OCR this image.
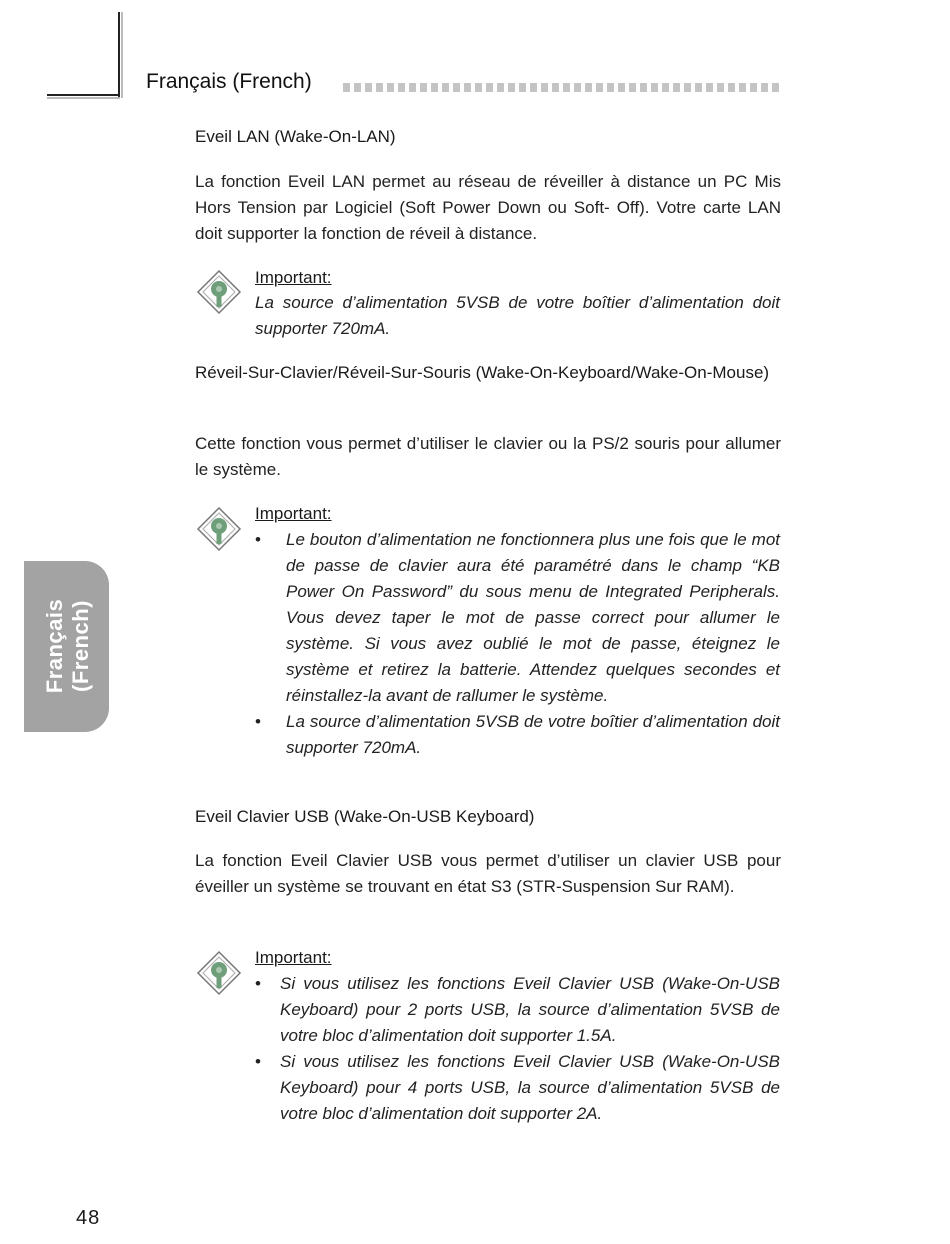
Français (French)
Français (French)
Eveil LAN (Wake-On-LAN)
La fonction Eveil LAN permet au réseau de réveiller à distance un PC Mis Hors Tension par Logiciel (Soft Power Down ou Soft- Off). Votre carte LAN doit supporter la fonction de réveil à distance.
Important:
La source d’alimentation 5VSB de votre boîtier d’alimentation doit supporter 720mA.
Réveil-Sur-Clavier/Réveil-Sur-Souris (Wake-On-Keyboard/Wake-On-Mouse)
Cette fonction vous permet d’utiliser le clavier ou la PS/2 souris pour allumer le système.
Important:
• Le bouton d’alimentation ne fonctionnera plus une fois que le mot de passe de clavier aura été paramétré dans le champ “KB Power On Password” du sous menu de Integrated Peripherals. Vous devez taper le mot de passe correct pour allumer le système. Si vous avez oublié le mot de passe, éteignez le système et retirez la batterie. Attendez quelques secondes et réinstallez-la avant de rallumer le système.
• La source d’alimentation 5VSB de votre boîtier d’alimentation doit supporter 720mA.
Eveil Clavier USB (Wake-On-USB Keyboard)
La fonction Eveil Clavier USB vous permet d’utiliser un clavier USB pour éveiller un système se trouvant en état S3 (STR-Suspension Sur RAM).
Important:
• Si vous utilisez les fonctions Eveil Clavier USB (Wake-On-USB Keyboard) pour 2 ports USB, la source d’alimentation 5VSB de votre bloc d’alimentation doit supporter 1.5A.
• Si vous utilisez les fonctions Eveil Clavier USB (Wake-On-USB Keyboard) pour 4 ports USB, la source d’alimentation 5VSB de votre bloc d’alimentation doit supporter 2A.
48
